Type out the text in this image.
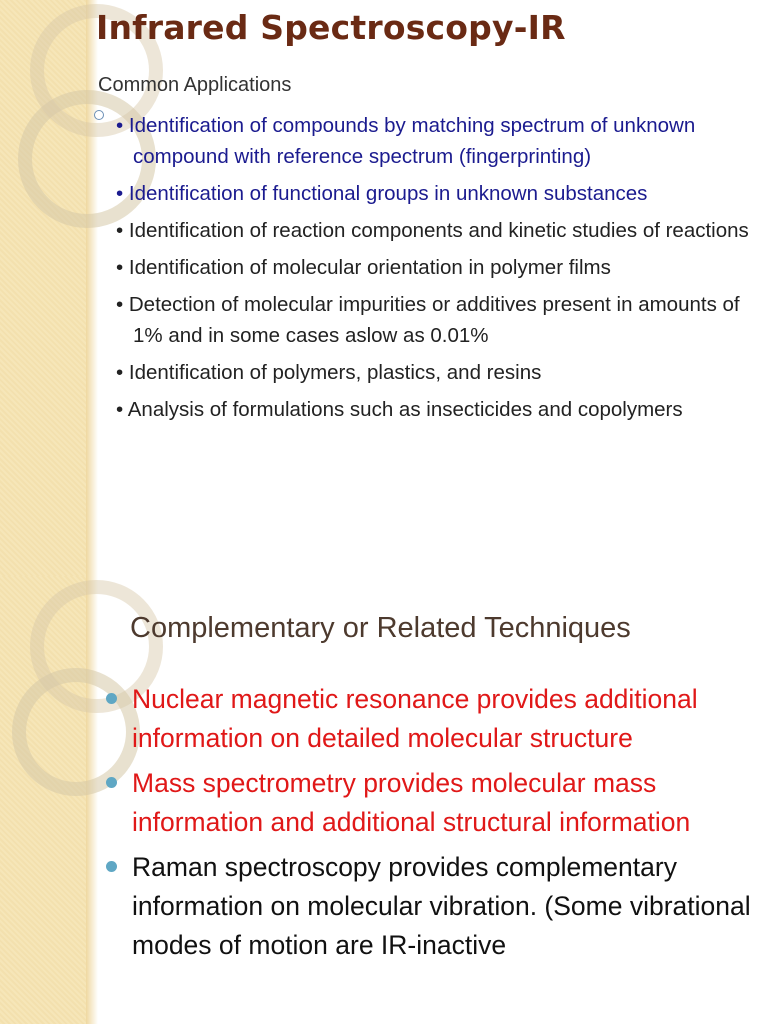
Infrared Spectroscopy-IR
Common Applications
• Identification of compounds by matching spectrum of unknown compound with reference spectrum (fingerprinting)
• Identification of functional groups in unknown substances
• Identification of reaction components and kinetic studies of reactions
• Identification of molecular orientation in polymer films
• Detection of molecular impurities or additives present in amounts of 1% and in some cases aslow as 0.01%
• Identification of polymers, plastics, and resins
• Analysis of formulations such as insecticides and copolymers
Complementary or Related Techniques
Nuclear magnetic resonance provides additional information on detailed molecular structure
Mass spectrometry provides molecular mass information and additional structural information
Raman spectroscopy provides complementary information on molecular vibration. (Some vibrational modes of motion are IR-inactive
